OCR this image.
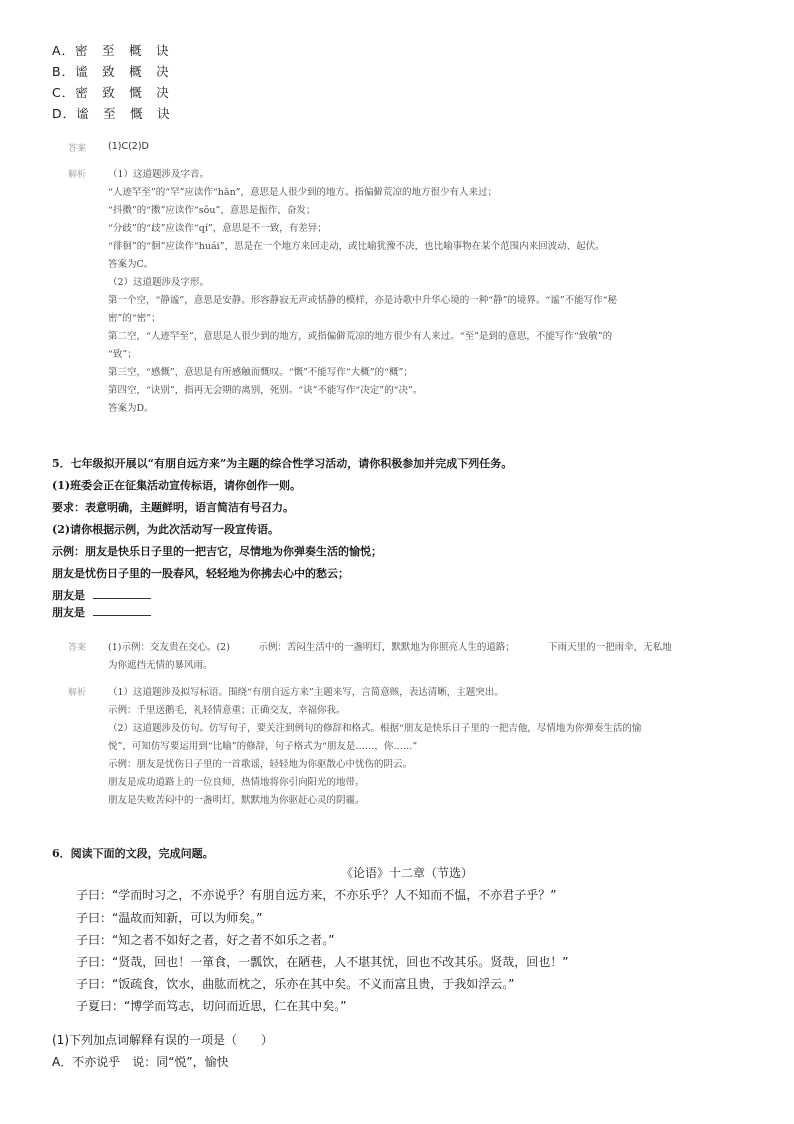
A．密　至　概　诀
B．谧　致　概　决
C．密　致　慨　决
D．谧　至　慨　诀
答案 (1)C(2)D
解析 （1）这道题涉及字音。
“人迹罕至”的“罕”应读作“hǎn”，意思是人很少到的地方。指偏僻荒凉的地方很少有人来过；
“抖擞”的“擞”应读作“sǒu”，意思是振作，奋发；
“分歧”的“歧”应读作“qí”，意思是不一致，有差异；
“徘徊”的“徊”应读作“huái”，思是在一个地方来回走动，或比喻犹豫不决，也比喻事物在某个范围内来回波动、起伏。
答案为C。
（2）这道题涉及字形。
第一个空，“静谧”，意思是安静。形容静寂无声或恬静的模样，亦是诗歌中升华心境的一种“静”的境界。“谧”不能写作“秘
密”的“密”；
第二空，“人迹罕至”，意思是人很少到的地方，或指偏僻荒凉的地方很少有人来过。“至”是到的意思，不能写作“致敬”的
“致”；
第三空，“感慨”，意思是有所感触而慨叹。“慨”不能写作“大概”的“概”；
第四空，“诀别”，指再无会期的离别，死别。“诀”不能写作“决定”的“决”。
答案为D。
5．七年级拟开展以“有朋自远方来”为主题的综合性学习活动，请你积极参加并完成下列任务。
(1)班委会正在征集活动宣传标语，请你创作一则。
要求：表意明确，主题鲜明，语言简洁有号召力。
(2)请你根据示例，为此次活动写一段宣传语。
示例：朋友是快乐日子里的一把吉它，尽情地为你弹奏生活的愉悦；
朋友是忧伤日子里的一股春风，轻轻地为你拂去心中的愁云；
朋友是
朋友是
答案 (1)示例：交友贵在交心。(2)　　　示例：苦闷生活中的一盏明灯，默默地为你照亮人生的道路；　　　　下雨天里的一把雨伞，无私地
为你遮挡无情的暴风雨。
解析 （1）这道题涉及拟写标语。围绕“有朋自远方来”主题来写，言简意赅，表达清晰，主题突出。
示例：千里送鹅毛，礼轻情意重；正确交友，幸福你我。
（2）这道题涉及仿句。仿写句子，要关注到例句的修辞和格式。根据“朋友是快乐日子里的一把吉他，尽情地为你弹奏生活的愉
悦”，可知仿写要运用到“比喻”的修辞，句子格式为“朋友是……，你……”
示例：朋友是忧伤日子里的一首歌谣，轻轻地为你驱散心中忧伤的阴云。
朋友是成功道路上的一位良师，热情地将你引向阳光的地带。
朋友是失败苦闷中的一盏明灯，默默地为你驱赶心灵的阴霾。
6．阅读下面的文段，完成问题。
《论语》十二章（节选）
子曰：“学而时习之，不亦说乎？有朋自远方来，不亦乐乎？人不知而不愠，不亦君子乎？”
子曰：“温故而知新，可以为师矣。”
子曰：“知之者不如好之者，好之者不如乐之者。”
子曰：“贤哉，回也！一箪食，一瓢饮，在陋巷，人不堪其忧，回也不改其乐。贤哉，回也！”
子曰：“饭疏食，饮水，曲肱而枕之，乐亦在其中矣。不义而富且贵，于我如浮云。”
子夏曰：“博学而笃志，切问而近思，仁在其中矣。”
(1)下列加点词解释有误的一项是（　　）
A．不亦说乎　说：同“悦”，愉快
